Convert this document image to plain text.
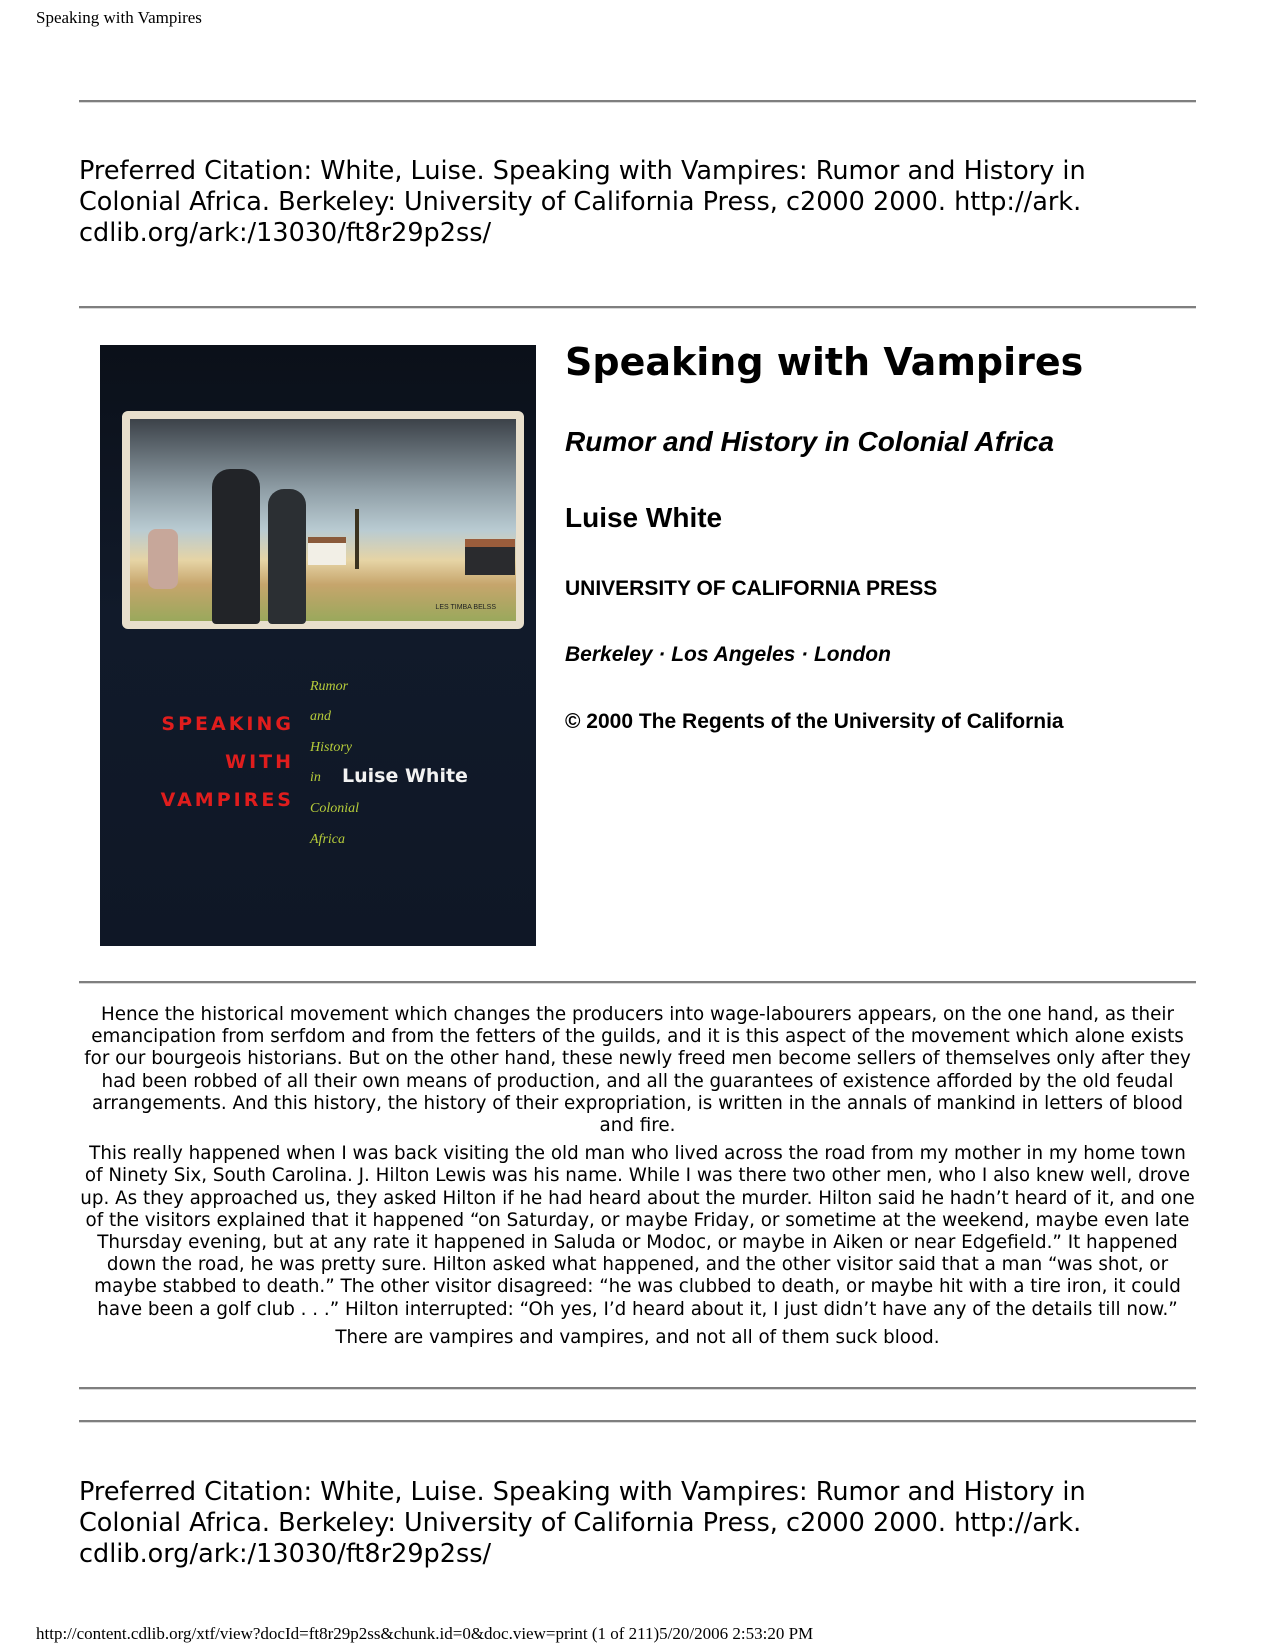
Speaking with Vampires
Preferred Citation: White, Luise. Speaking with Vampires: Rumor and History in
Colonial Africa. Berkeley: University of California Press, c2000 2000. http://ark.
cdlib.org/ark:/13030/ft8r29p2ss/
LES TIMBA BELSS
SPEAKING
WITH
VAMPIRES
Rumor
and
History
in
Colonial
Africa
Luise White
Speaking with Vampires
Rumor and History in Colonial Africa
Luise White
UNIVERSITY OF CALIFORNIA PRESS
Berkeley · Los Angeles · London
© 2000 The Regents of the University of California

Hence the historical movement which changes the producers into wage-labourers appears, on the one hand, as their emancipation from serfdom and from the fetters of the guilds, and it is this aspect of the movement which alone exists for our bourgeois historians. But on the other hand, these newly freed men become sellers of themselves only after they had been robbed of all their own means of production, and all the guarantees of existence afforded by the old feudal arrangements. And this history, the history of their expropriation, is written in the annals of mankind in letters of blood and fire.

This really happened when I was back visiting the old man who lived across the road from my mother in my home town of Ninety Six, South Carolina. J. Hilton Lewis was his name. While I was there two other men, who I also knew well, drove up. As they approached us, they asked Hilton if he had heard about the murder. Hilton said he hadn’t heard of it, and one of the visitors explained that it happened “on Saturday, or maybe Friday, or sometime at the weekend, maybe even late Thursday evening, but at any rate it happened in Saluda or Modoc, or maybe in Aiken or near Edgefield.” It happened down the road, he was pretty sure. Hilton asked what happened, and the other visitor said that a man “was shot, or maybe stabbed to death.” The other visitor disagreed: “he was clubbed to death, or maybe hit with a tire iron, it could have been a golf club . . .” Hilton interrupted: “Oh yes, I’d heard about it, I just didn’t have any of the details till now.”

There are vampires and vampires, and not all of them suck blood.

Preferred Citation: White, Luise. Speaking with Vampires: Rumor and History in
Colonial Africa. Berkeley: University of California Press, c2000 2000. http://ark.
cdlib.org/ark:/13030/ft8r29p2ss/
http://content.cdlib.org/xtf/view?docId=ft8r29p2ss&chunk.id=0&doc.view=print (1 of 211)5/20/2006 2:53:20 PM
